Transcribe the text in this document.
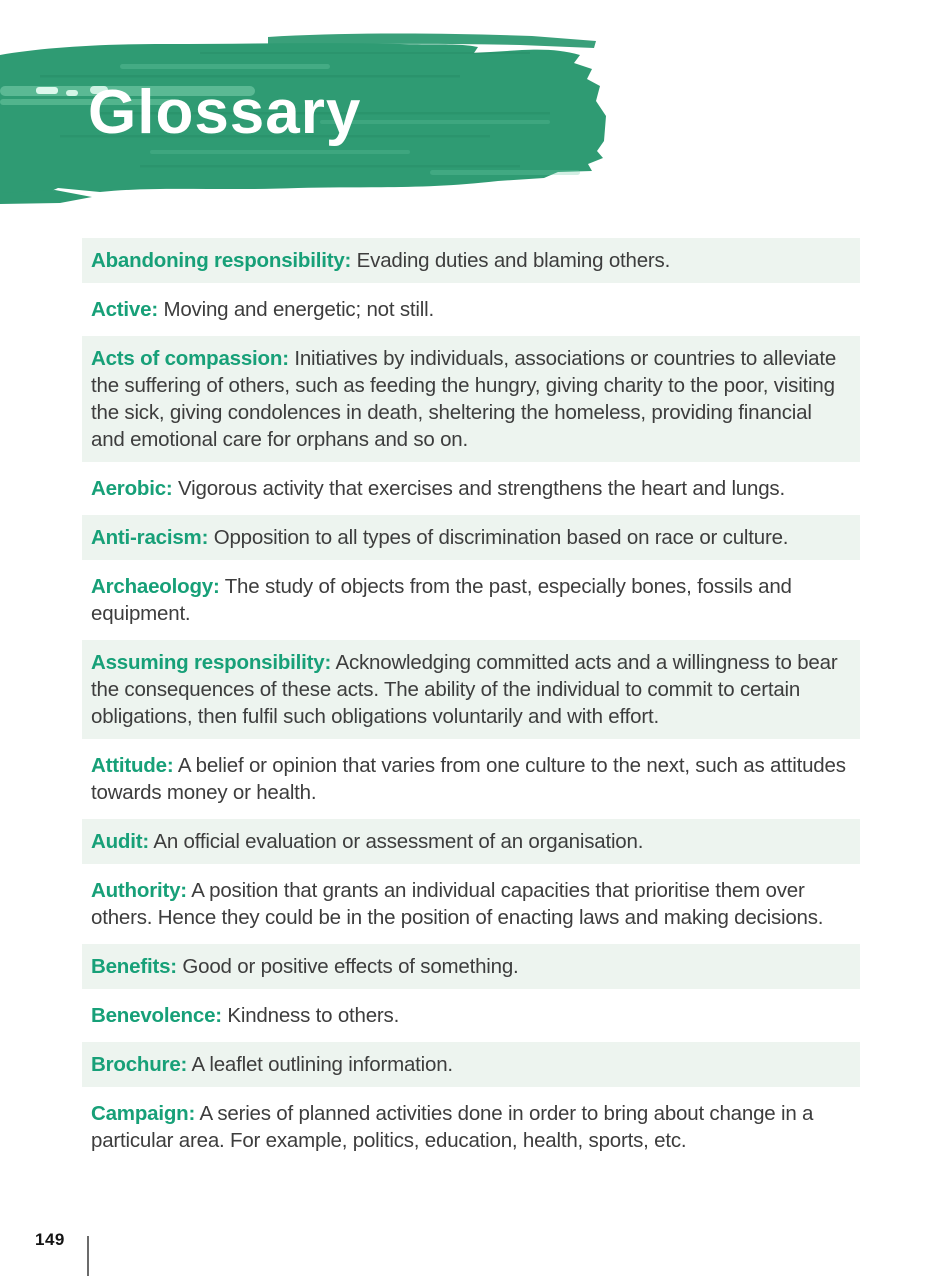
Glossary
Abandoning responsibility: Evading duties and blaming others.
Active: Moving and energetic; not still.
Acts of compassion: Initiatives by individuals, associations or countries to alleviate the suffering of others, such as feeding the hungry, giving charity to the poor, visiting the sick, giving condolences in death, sheltering the homeless, providing financial and emotional care for orphans and so on.
Aerobic: Vigorous activity that exercises and strengthens the heart and lungs.
Anti-racism: Opposition to all types of discrimination based on race or culture.
Archaeology: The study of objects from the past, especially bones, fossils and equipment.
Assuming responsibility: Acknowledging committed acts and a willingness to bear the consequences of these acts. The ability of the individual to commit to certain obligations, then fulfil such obligations voluntarily and with effort.
Attitude: A belief or opinion that varies from one culture to the next, such as attitudes towards money or health.
Audit: An official evaluation or assessment of an organisation.
Authority: A position that grants an individual capacities that prioritise them over others. Hence they could be in the position of enacting laws and making decisions.
Benefits: Good or positive effects of something.
Benevolence: Kindness to others.
Brochure: A leaflet outlining information.
Campaign: A series of planned activities done in order to bring about change in a particular area. For example, politics, education, health, sports, etc.
149
